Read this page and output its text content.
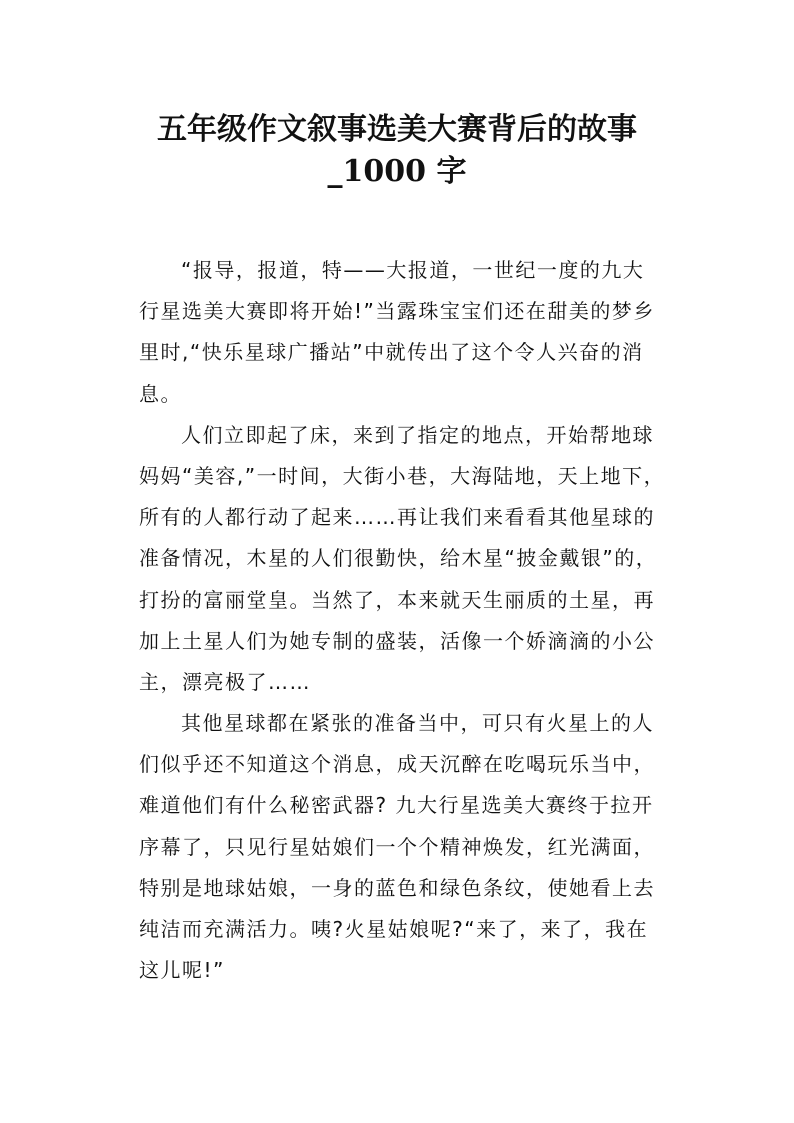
五年级作文叙事选美大赛背后的故事
_1000 字
“报导，报道，特——大报道，一世纪一度的九大
行星选美大赛即将开始!”当露珠宝宝们还在甜美的梦乡
里时,“快乐星球广播站”中就传出了这个令人兴奋的消
息。
人们立即起了床，来到了指定的地点，开始帮地球
妈妈“美容,”一时间，大街小巷，大海陆地，天上地下，
所有的人都行动了起来……再让我们来看看其他星球的
准备情况，木星的人们很勤快，给木星“披金戴银”的，
打扮的富丽堂皇。当然了，本来就天生丽质的土星，再
加上土星人们为她专制的盛装，活像一个娇滴滴的小公
主，漂亮极了……
其他星球都在紧张的准备当中，可只有火星上的人
们似乎还不知道这个消息，成天沉醉在吃喝玩乐当中，
难道他们有什么秘密武器? 九大行星选美大赛终于拉开
序幕了，只见行星姑娘们一个个精神焕发，红光满面，
特别是地球姑娘，一身的蓝色和绿色条纹，使她看上去
纯洁而充满活力。咦?火星姑娘呢?“来了，来了，我在
这儿呢!”
